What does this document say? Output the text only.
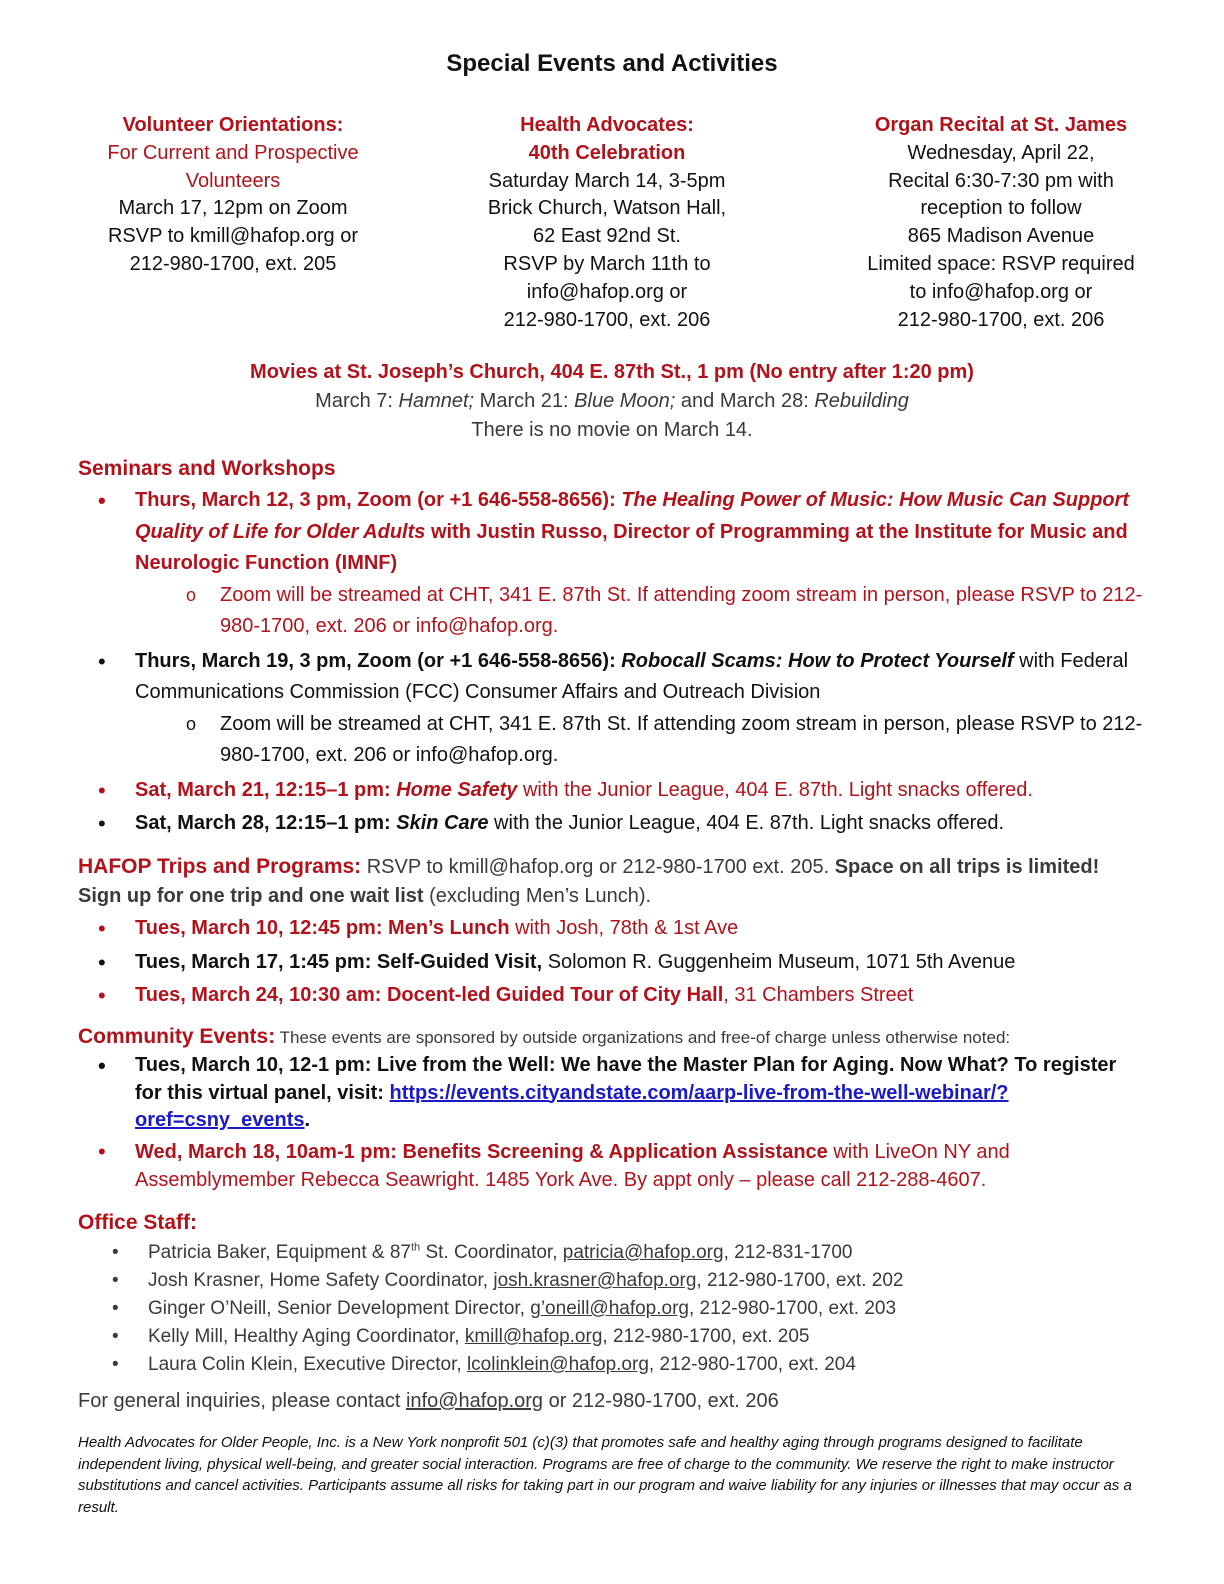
Special Events and Activities
Volunteer Orientations:
For Current and Prospective
Volunteers
March 17, 12pm on Zoom
RSVP to kmill@hafop.org or
212-980-1700, ext. 205
Health Advocates:
40th Celebration
Saturday March 14, 3-5pm
Brick Church, Watson Hall,
62 East 92nd St.
RSVP by March 11th to
info@hafop.org or
212-980-1700, ext. 206
Organ Recital at St. James
Wednesday, April 22,
Recital 6:30-7:30 pm with
reception to follow
865 Madison Avenue
Limited space: RSVP required
to info@hafop.org or
212-980-1700, ext. 206
Movies at St. Joseph’s Church, 404 E. 87th St., 1 pm (No entry after 1:20 pm)
March 7: Hamnet; March 21: Blue Moon; and March 28: Rebuilding
There is no movie on March 14.
Seminars and Workshops
• Thurs, March 12, 3 pm, Zoom (or +1 646-558-8656): The Healing Power of Music: How Music Can Support Quality of Life for Older Adults with Justin Russo, Director of Programming at the Institute for Music and Neurologic Function (IMNF)
o Zoom will be streamed at CHT, 341 E. 87th St. If attending zoom stream in person, please RSVP to 212-980-1700, ext. 206 or info@hafop.org.
• Thurs, March 19, 3 pm, Zoom (or +1 646-558-8656): Robocall Scams: How to Protect Yourself with Federal Communications Commission (FCC) Consumer Affairs and Outreach Division
o Zoom will be streamed at CHT, 341 E. 87th St. If attending zoom stream in person, please RSVP to 212-980-1700, ext. 206 or info@hafop.org.
• Sat, March 21, 12:15–1 pm: Home Safety with the Junior League, 404 E. 87th. Light snacks offered.
• Sat, March 28, 12:15–1 pm: Skin Care with the Junior League, 404 E. 87th. Light snacks offered.
HAFOP Trips and Programs: RSVP to kmill@hafop.org or 212-980-1700 ext. 205. Space on all trips is limited! Sign up for one trip and one wait list (excluding Men’s Lunch).
• Tues, March 10, 12:45 pm: Men’s Lunch with Josh, 78th & 1st Ave
• Tues, March 17, 1:45 pm: Self-Guided Visit, Solomon R. Guggenheim Museum, 1071 5th Avenue
• Tues, March 24, 10:30 am: Docent-led Guided Tour of City Hall, 31 Chambers Street
Community Events: These events are sponsored by outside organizations and free-of charge unless otherwise noted:
• Tues, March 10, 12-1 pm: Live from the Well: We have the Master Plan for Aging. Now What? To register for this virtual panel, visit: https://events.cityandstate.com/aarp-live-from-the-well-webinar/?oref=csny_events.
• Wed, March 18, 10am-1 pm: Benefits Screening & Application Assistance with LiveOn NY and Assemblymember Rebecca Seawright. 1485 York Ave. By appt only – please call 212-288-4607.
Office Staff:
• Patricia Baker, Equipment & 87th St. Coordinator, patricia@hafop.org, 212-831-1700
• Josh Krasner, Home Safety Coordinator, josh.krasner@hafop.org, 212-980-1700, ext. 202
• Ginger O’Neill, Senior Development Director, g’oneill@hafop.org, 212-980-1700, ext. 203
• Kelly Mill, Healthy Aging Coordinator, kmill@hafop.org, 212-980-1700, ext. 205
• Laura Colin Klein, Executive Director, lcolinklein@hafop.org, 212-980-1700, ext. 204
For general inquiries, please contact info@hafop.org or 212-980-1700, ext. 206
Health Advocates for Older People, Inc. is a New York nonprofit 501 (c)(3) that promotes safe and healthy aging through programs designed to facilitate independent living, physical well-being, and greater social interaction. Programs are free of charge to the community. We reserve the right to make instructor substitutions and cancel activities. Participants assume all risks for taking part in our program and waive liability for any injuries or illnesses that may occur as a result.
